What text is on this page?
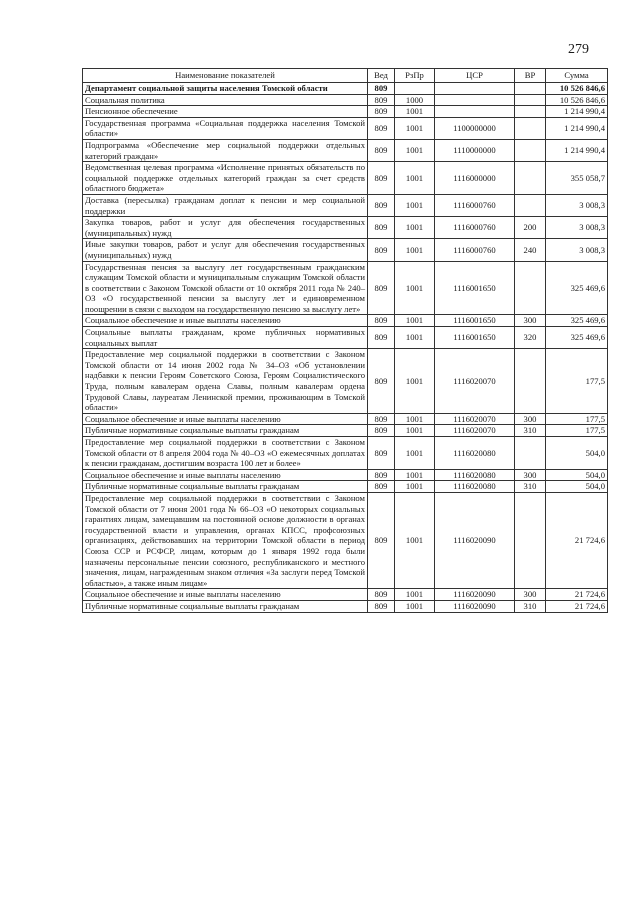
279
Наименование показателей	Вед	РзПр	ЦСР	ВР	Сумма
Департамент социальной защиты населения Томской области	809				10 526 846,6
Социальная политика	809	1000			10 526 846,6
Пенсионное обеспечение	809	1001			1 214 990,4
Государственная программа «Социальная поддержка населения Томской области»	809	1001	1100000000		1 214 990,4
Подпрограмма «Обеспечение мер социальной поддержки отдельных категорий граждан»	809	1001	1110000000		1 214 990,4
Ведомственная целевая программа «Исполнение принятых обязательств по социальной поддержке отдельных категорий граждан за счет средств областного бюджета»	809	1001	1116000000		355 058,7
Доставка (пересылка) гражданам доплат к пенсии и мер социальной поддержки	809	1001	1116000760		3 008,3
Закупка товаров, работ и услуг для обеспечения государственных (муниципальных) нужд	809	1001	1116000760	200	3 008,3
Иные закупки товаров, работ и услуг для обеспечения государственных (муниципальных) нужд	809	1001	1116000760	240	3 008,3
Государственная пенсия за выслугу лет государственным гражданским служащим Томской области и муниципальным служащим Томской области в соответствии с Законом Томской области от 10 октября 2011 года № 240–ОЗ «О государственной пенсии за выслугу лет и единовременном поощрении в связи с выходом на государственную пенсию за выслугу лет»	809	1001	1116001650		325 469,6
Социальное обеспечение и иные выплаты населению	809	1001	1116001650	300	325 469,6
Социальные выплаты гражданам, кроме публичных нормативных социальных выплат	809	1001	1116001650	320	325 469,6
Предоставление мер социальной поддержки в соответствии с Законом Томской области от 14 июня 2002 года № 34–ОЗ «Об установлении надбавки к пенсии Героям Советского Союза, Героям Социалистического Труда, полным кавалерам ордена Славы, полным кавалерам ордена Трудовой Славы, лауреатам Ленинской премии, проживающим в Томской области»	809	1001	1116020070		177,5
Социальное обеспечение и иные выплаты населению	809	1001	1116020070	300	177,5
Публичные нормативные социальные выплаты гражданам	809	1001	1116020070	310	177,5
Предоставление мер социальной поддержки в соответствии с Законом Томской области от 8 апреля 2004 года № 40–ОЗ «О ежемесячных доплатах к пенсии гражданам, достигшим возраста 100 лет и более»	809	1001	1116020080		504,0
Социальное обеспечение и иные выплаты населению	809	1001	1116020080	300	504,0
Публичные нормативные социальные выплаты гражданам	809	1001	1116020080	310	504,0
Предоставление мер социальной поддержки в соответствии с Законом Томской области от 7 июня 2001 года № 66–ОЗ «О некоторых социальных гарантиях лицам, замещавшим на постоянной основе должности в органах государственной власти и управления, органах КПСС, профсоюзных организациях, действовавших на территории Томской области в период Союза ССР и РСФСР, лицам, которым до 1 января 1992 года были назначены персональные пенсии союзного, республиканского и местного значения, лицам, награжденным знаком отличия «За заслуги перед Томской областью», а также иным лицам»	809	1001	1116020090		21 724,6
Социальное обеспечение и иные выплаты населению	809	1001	1116020090	300	21 724,6
Публичные нормативные социальные выплаты гражданам	809	1001	1116020090	310	21 724,6
